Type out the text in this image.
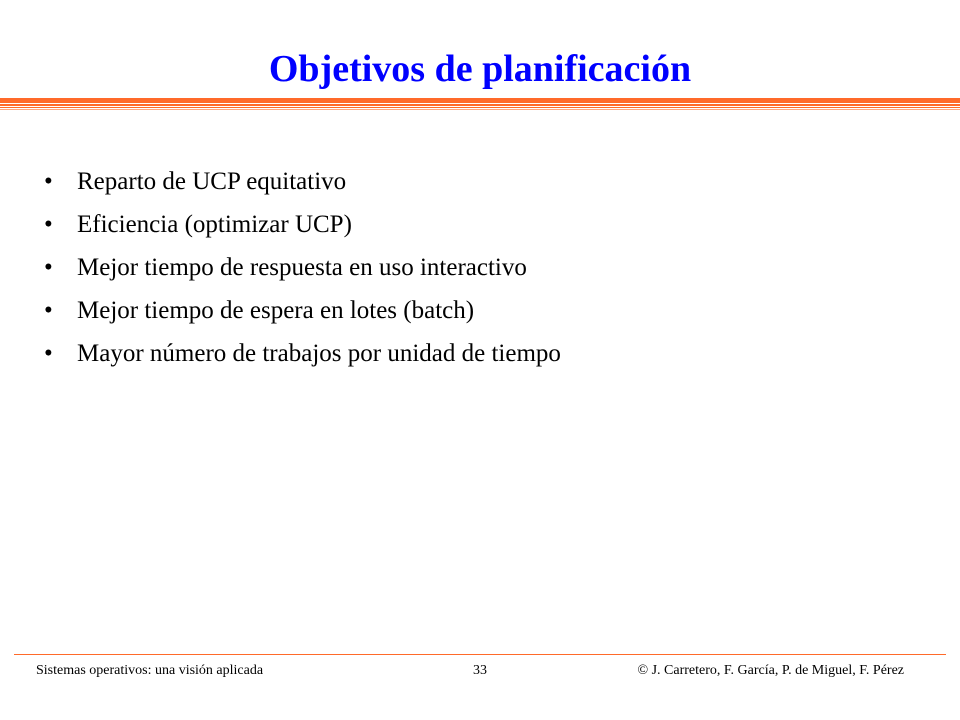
Objetivos de planificación
• Reparto de UCP equitativo
• Eficiencia (optimizar UCP)
• Mejor tiempo de respuesta en uso interactivo
• Mejor tiempo de espera en lotes (batch)
• Mayor número de trabajos por unidad de tiempo
Sistemas operativos: una visión aplicada	33	© J. Carretero, F. García, P. de Miguel, F. Pérez
